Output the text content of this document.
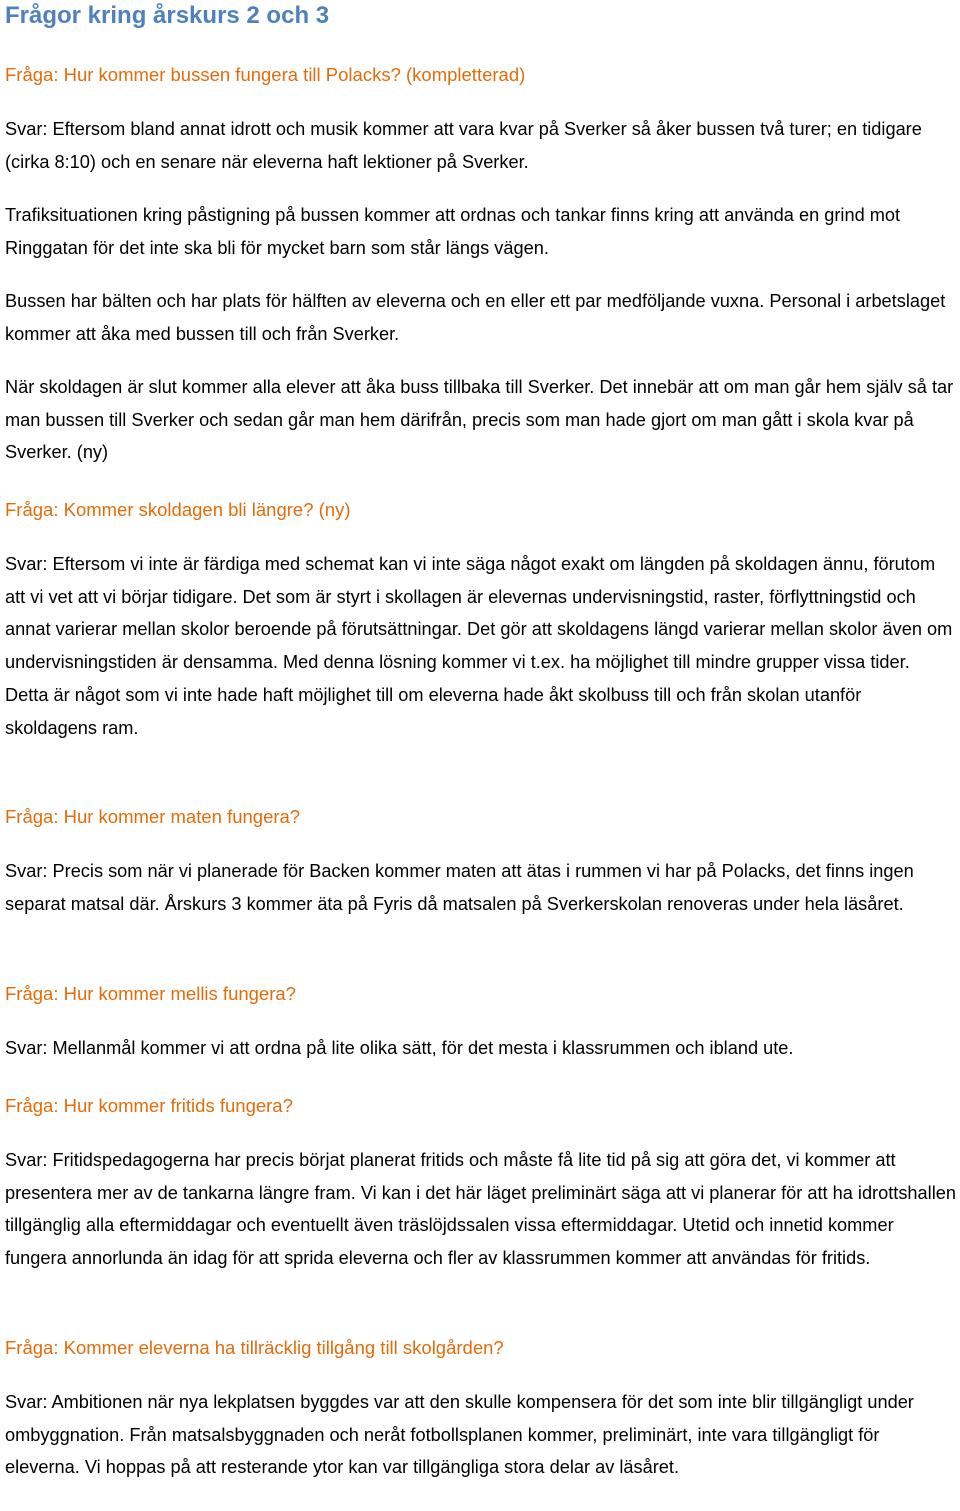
Frågor kring årskurs 2 och 3
Fråga: Hur kommer bussen fungera till Polacks? (kompletterad)
Svar: Eftersom bland annat idrott och musik kommer att vara kvar på Sverker så åker bussen två turer; en tidigare (cirka 8:10) och en senare när eleverna haft lektioner på Sverker.
Trafiksituationen kring påstigning på bussen kommer att ordnas och tankar finns kring att använda en grind mot Ringgatan för det inte ska bli för mycket barn som står längs vägen.
Bussen har bälten och har plats för hälften av eleverna och en eller ett par medföljande vuxna. Personal i arbetslaget kommer att åka med bussen till och från Sverker.
När skoldagen är slut kommer alla elever att åka buss tillbaka till Sverker. Det innebär att om man går hem själv så tar man bussen till Sverker och sedan går man hem därifrån, precis som man hade gjort om man gått i skola kvar på Sverker. (ny)
Fråga: Kommer skoldagen bli längre? (ny)
Svar: Eftersom vi inte är färdiga med schemat kan vi inte säga något exakt om längden på skoldagen ännu, förutom att vi vet att vi börjar tidigare. Det som är styrt i skollagen är elevernas undervisningstid, raster, förflyttningstid och annat varierar mellan skolor beroende på förutsättningar. Det gör att skoldagens längd varierar mellan skolor även om undervisningstiden är densamma. Med denna lösning kommer vi t.ex. ha möjlighet till mindre grupper vissa tider. Detta är något som vi inte hade haft möjlighet till om eleverna hade åkt skolbuss till och från skolan utanför skoldagens ram.
Fråga: Hur kommer maten fungera?
Svar: Precis som när vi planerade för Backen kommer maten att ätas i rummen vi har på Polacks, det finns ingen separat matsal där. Årskurs 3 kommer äta på Fyris då matsalen på Sverkerskolan renoveras under hela läsåret.
Fråga: Hur kommer mellis fungera?
Svar: Mellanmål kommer vi att ordna på lite olika sätt, för det mesta i klassrummen och ibland ute.
Fråga: Hur kommer fritids fungera?
Svar: Fritidspedagogerna har precis börjat planerat fritids och måste få lite tid på sig att göra det, vi kommer att presentera mer av de tankarna längre fram. Vi kan i det här läget preliminärt säga att vi planerar för att ha idrottshallen tillgänglig alla eftermiddagar och eventuellt även träslöjdssalen vissa eftermiddagar. Utetid och innetid kommer fungera annorlunda än idag för att sprida eleverna och fler av klassrummen kommer att användas för fritids.
Fråga: Kommer eleverna ha tillräcklig tillgång till skolgården?
Svar: Ambitionen när nya lekplatsen byggdes var att den skulle kompensera för det som inte blir tillgängligt under ombyggnation. Från matsalsbyggnaden och neråt fotbollsplanen kommer, preliminärt, inte vara tillgängligt för eleverna. Vi hoppas på att resterande ytor kan var tillgängliga stora delar av läsåret.
